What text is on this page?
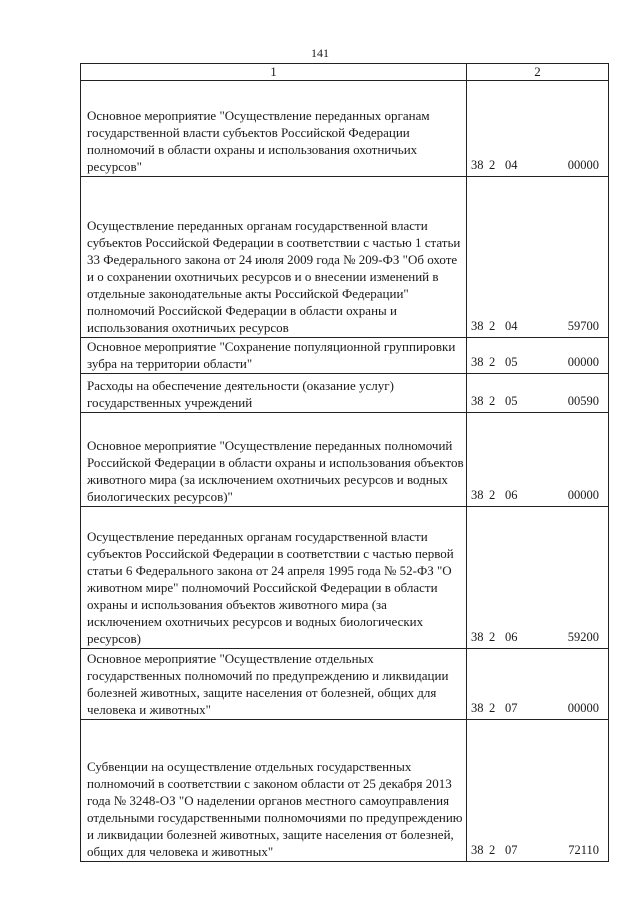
141
1	2
Основное мероприятие "Осуществление переданных органам государственной власти субъектов Российской Федерации полномочий в области охраны и использования охотничьих ресурсов"	38 2 04 00000
Осуществление переданных органам государственной власти субъектов Российской Федерации в соответствии с частью 1 статьи 33 Федерального закона от 24 июля 2009 года № 209-ФЗ "Об охоте и о сохранении охотничьих ресурсов и о внесении изменений в отдельные законодательные акты Российской Федерации" полномочий Российской Федерации в области охраны и использования охотничьих ресурсов	38 2 04 59700
Основное мероприятие "Сохранение популяционной группировки зубра на территории области"	38 2 05 00000
Расходы на обеспечение деятельности (оказание услуг) государственных учреждений	38 2 05 00590
Основное мероприятие "Осуществление переданных полномочий Российской Федерации в области охраны и использования объектов животного мира (за исключением охотничьих ресурсов и водных биологических ресурсов)"	38 2 06 00000
Осуществление переданных органам государственной власти субъектов Российской Федерации в соответствии с частью первой статьи 6 Федерального закона от 24 апреля 1995 года № 52-ФЗ "О животном мире" полномочий Российской Федерации в области охраны и использования объектов животного мира (за исключением охотничьих ресурсов и водных биологических ресурсов)	38 2 06 59200
Основное мероприятие "Осуществление отдельных государственных полномочий по предупреждению и ликвидации болезней животных, защите населения от болезней, общих для человека и животных"	38 2 07 00000
Субвенции на осуществление отдельных государственных полномочий в соответствии с законом области от 25 декабря 2013 года № 3248-ОЗ "О наделении органов местного самоуправления отдельными государственными полномочиями по предупреждению и ликвидации болезней животных, защите населения от болезней, общих для человека и животных"	38 2 07 72110
